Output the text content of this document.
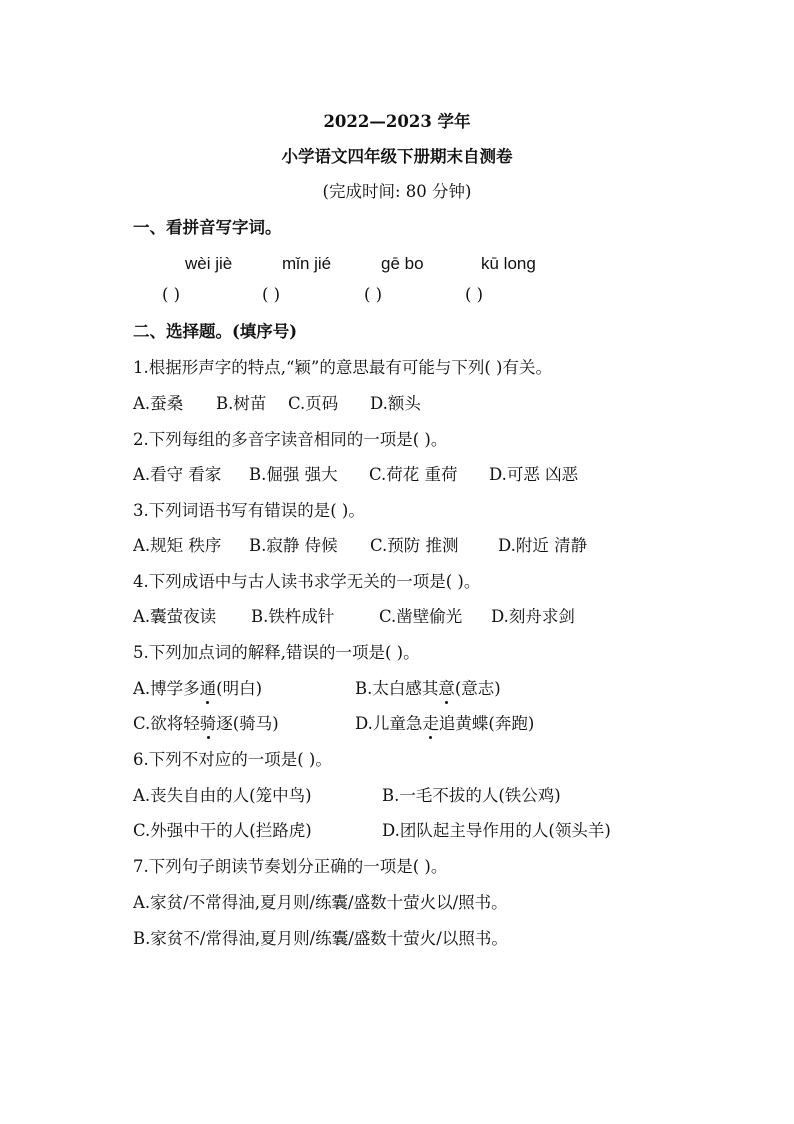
2022—2023 学年
小学语文四年级下册期末自测卷
(完成时间: 80 分钟)
一、看拼音写字词。
wèi jiè	mǐn jié	gē bo	kū long
( )	( )	( )	( )
二、选择题。(填序号)
1.根据形声字的特点,“颖”的意思最有可能与下列( )有关。
A.蚕桑 B.树苗 C.页码 D.额头
2.下列每组的多音字读音相同的一项是( )。
A.看守 看家 B.倔强 强大 C.荷花 重荷 D.可恶 凶恶
3.下列词语书写有错误的是( )。
A.规矩 秩序 B.寂静 侍候 C.预防 推测 D.附近 清静
4.下列成语中与古人读书求学无关的一项是( )。
A.囊萤夜读 B.铁杵成针	C.凿壁偷光 D.刻舟求剑
5.下列加点词的解释,错误的一项是( )。
A.博学多通(明白)	B.太白感其意(意志)
C.欲将轻骑逐(骑马)	D.儿童急走追黄蝶(奔跑)
6.下列不对应的一项是( )。
A.丧失自由的人(笼中鸟)	B.一毛不拔的人(铁公鸡)
C.外强中干的人(拦路虎)	D.团队起主导作用的人(领头羊)
7.下列句子朗读节奏划分正确的一项是( )。
A.家贫/不常得油,夏月则/练囊/盛数十萤火以/照书。
B.家贫不/常得油,夏月则/练囊/盛数十萤火/以照书。
